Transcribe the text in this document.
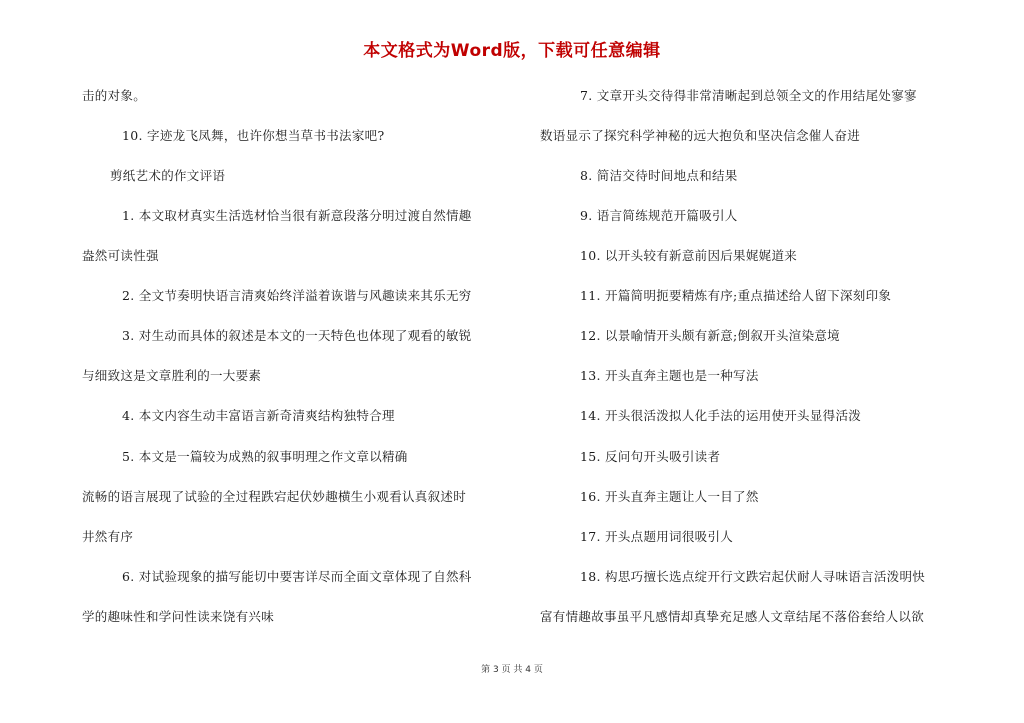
本文格式为Word版，下载可任意编辑
击的对象。
10. 字迹龙飞凤舞，也许你想当草书书法家吧?
剪纸艺术的作文评语
1. 本文取材真实生活选材恰当很有新意段落分明过渡自然情趣
盎然可读性强
2. 全文节奏明快语言清爽始终洋溢着诙谐与风趣读来其乐无穷
3. 对生动而具体的叙述是本文的一天特色也体现了观看的敏锐
与细致这是文章胜利的一大要素
4. 本文内容生动丰富语言新奇清爽结构独特合理
5. 本文是一篇较为成熟的叙事明理之作文章以精确
流畅的语言展现了试验的全过程跌宕起伏妙趣横生小观看认真叙述时
井然有序
6. 对试验现象的描写能切中要害详尽而全面文章体现了自然科
学的趣味性和学问性读来饶有兴味
7. 文章开头交待得非常清晰起到总领全文的作用结尾处寥寥
数语显示了探究科学神秘的远大抱负和坚决信念催人奋进
8. 简洁交待时间地点和结果
9. 语言简练规范开篇吸引人
10. 以开头较有新意前因后果娓娓道来
11. 开篇简明扼要精炼有序;重点描述给人留下深刻印象
12. 以景喻情开头颇有新意;倒叙开头渲染意境
13. 开头直奔主题也是一种写法
14. 开头很活泼拟人化手法的运用使开头显得活泼
15. 反问句开头吸引读者
16. 开头直奔主题让人一目了然
17. 开头点题用词很吸引人
18. 构思巧擅长选点绽开行文跌宕起伏耐人寻味语言活泼明快
富有情趣故事虽平凡感情却真挚充足感人文章结尾不落俗套给人以欲
第 3 页 共 4 页
